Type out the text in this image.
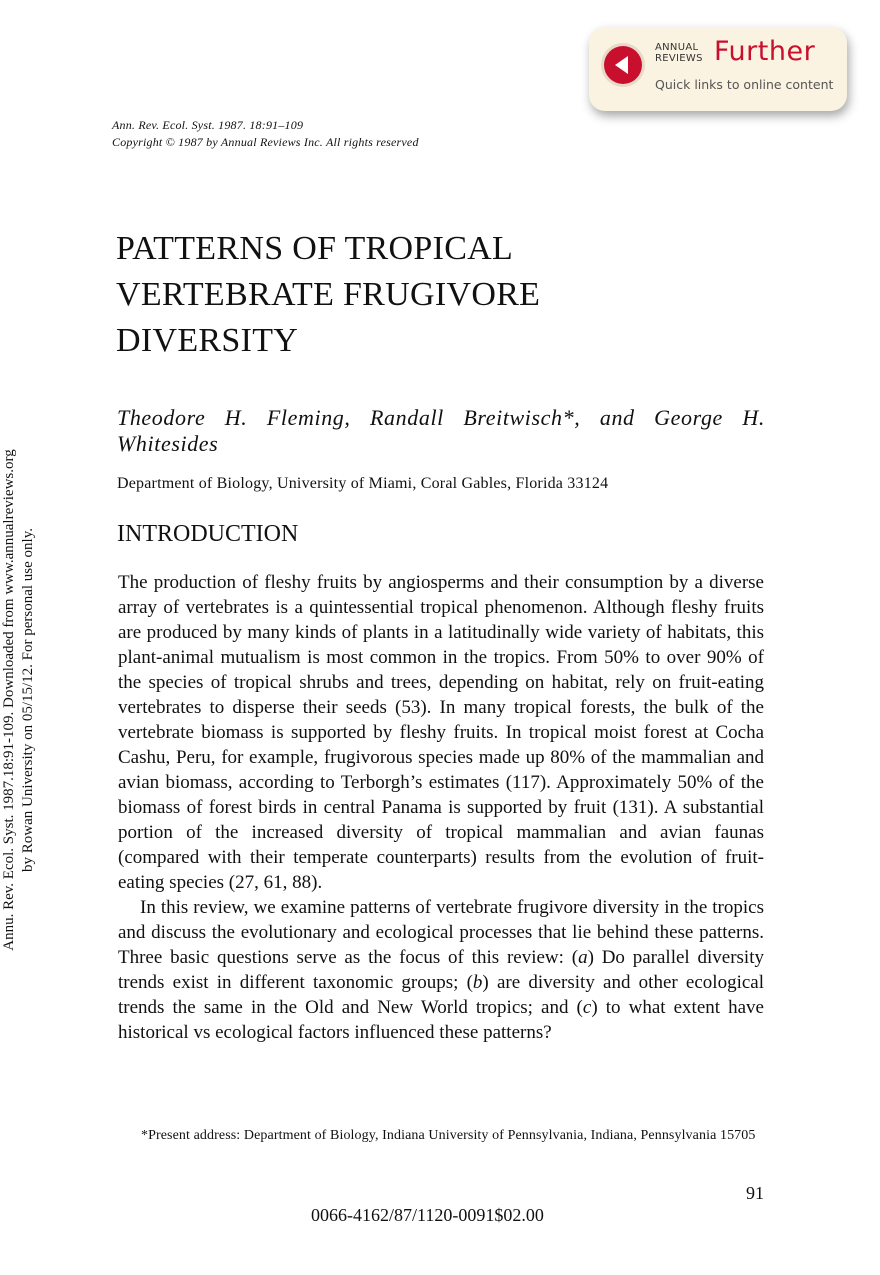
ANNUAL
REVIEWS Further
Quick links to online content
Ann. Rev. Ecol. Syst. 1987. 18:91–109
Copyright © 1987 by Annual Reviews Inc. All rights reserved
Annu. Rev. Ecol. Syst. 1987.18:91-109. Downloaded from www.annualreviews.org by Rowan University on 05/15/12. For personal use only.
PATTERNS OF TROPICAL
VERTEBRATE FRUGIVORE
DIVERSITY
Theodore H. Fleming, Randall Breitwisch*, and George H. Whitesides
Department of Biology, University of Miami, Coral Gables, Florida 33124
INTRODUCTION

The production of fleshy fruits by angiosperms and their consumption by a diverse array of vertebrates is a quintessential tropical phenomenon. Although fleshy fruits are produced by many kinds of plants in a latitudinally wide variety of habitats, this plant-animal mutualism is most common in the tropics. From 50% to over 90% of the species of tropical shrubs and trees, depending on habitat, rely on fruit-eating vertebrates to disperse their seeds (53). In many tropical forests, the bulk of the vertebrate biomass is supported by fleshy fruits. In tropical moist forest at Cocha Cashu, Peru, for example, frugivorous species made up 80% of the mammalian and avian biomass, according to Terborgh’s estimates (117). Approximately 50% of the biomass of forest birds in central Panama is supported by fruit (131). A substantial portion of the increased diversity of tropical mammalian and avian faunas (compared with their temperate counterparts) results from the evolution of fruit-eating species (27, 61, 88).

In this review, we examine patterns of vertebrate frugivore diversity in the tropics and discuss the evolutionary and ecological processes that lie behind these patterns. Three basic questions serve as the focus of this review: (a) Do parallel diversity trends exist in different taxonomic groups; (b) are diversity and other ecological trends the same in the Old and New World tropics; and (c) to what extent have historical vs ecological factors influenced these patterns?

*Present address: Department of Biology, Indiana University of Pennsylvania, Indiana, Pennsylvania 15705
91
0066-4162/87/1120-0091$02.00
